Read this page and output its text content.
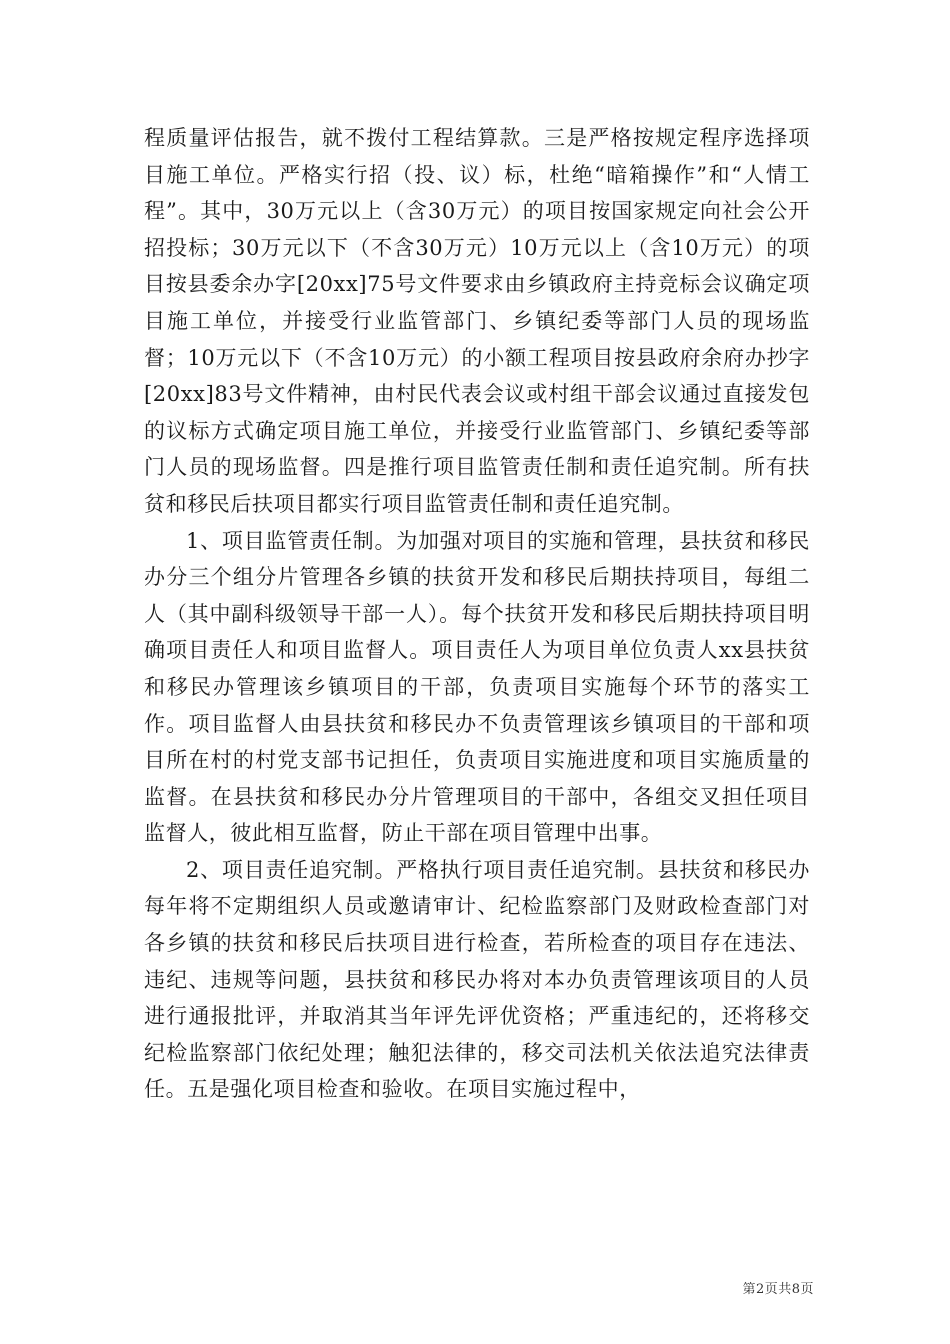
程质量评估报告，就不拨付工程结算款。三是严格按规定程序选择项目施工单位。严格实行招（投、议）标，杜绝“暗箱操作”和“人情工程”。其中，30万元以上（含30万元）的项目按国家规定向社会公开招投标；30万元以下（不含30万元）10万元以上（含10万元）的项目按县委余办字[20xx]75号文件要求由乡镇政府主持竞标会议确定项目施工单位，并接受行业监管部门、乡镇纪委等部门人员的现场监督；10万元以下（不含10万元）的小额工程项目按县政府余府办抄字[20xx]83号文件精神，由村民代表会议或村组干部会议通过直接发包的议标方式确定项目施工单位，并接受行业监管部门、乡镇纪委等部门人员的现场监督。四是推行项目监管责任制和责任追究制。所有扶贫和移民后扶项目都实行项目监管责任制和责任追究制。

1、项目监管责任制。为加强对项目的实施和管理，县扶贫和移民办分三个组分片管理各乡镇的扶贫开发和移民后期扶持项目，每组二人（其中副科级领导干部一人）。每个扶贫开发和移民后期扶持项目明确项目责任人和项目监督人。项目责任人为项目单位负责人xx县扶贫和移民办管理该乡镇项目的干部，负责项目实施每个环节的落实工作。项目监督人由县扶贫和移民办不负责管理该乡镇项目的干部和项目所在村的村党支部书记担任，负责项目实施进度和项目实施质量的监督。在县扶贫和移民办分片管理项目的干部中，各组交叉担任项目监督人，彼此相互监督，防止干部在项目管理中出事。

2、项目责任追究制。严格执行项目责任追究制。县扶贫和移民办每年将不定期组织人员或邀请审计、纪检监察部门及财政检查部门对各乡镇的扶贫和移民后扶项目进行检查，若所检查的项目存在违法、违纪、违规等问题，县扶贫和移民办将对本办负责管理该项目的人员进行通报批评，并取消其当年评先评优资格；严重违纪的，还将移交纪检监察部门依纪处理；触犯法律的，移交司法机关依法追究法律责任。五是强化项目检查和验收。在项目实施过程中，

第2页共8页
